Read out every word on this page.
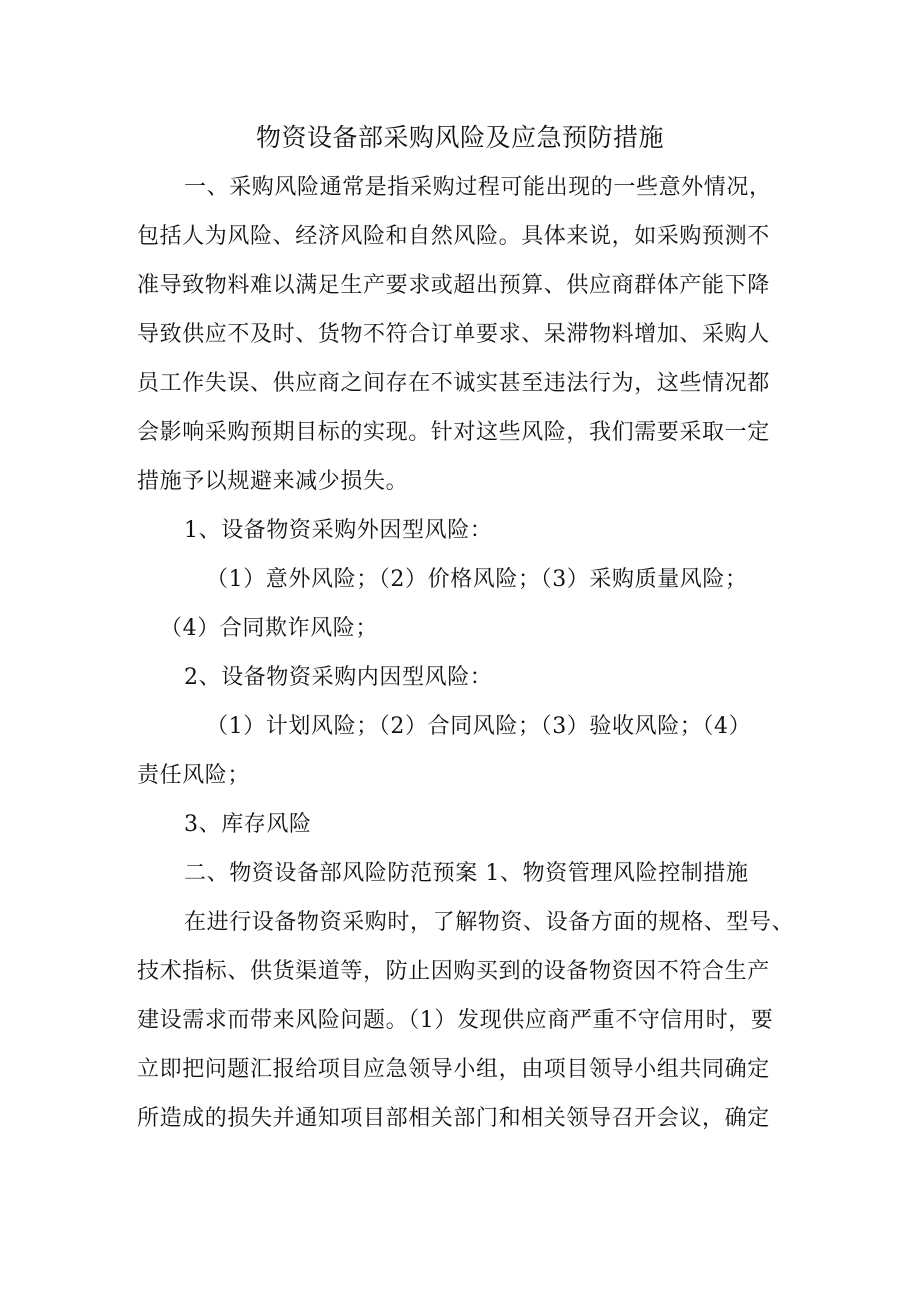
物资设备部采购风险及应急预防措施
一、采购风险通常是指采购过程可能出现的一些意外情况，
包括人为风险、经济风险和自然风险。具体来说，如采购预测不
准导致物料难以满足生产要求或超出预算、供应商群体产能下降
导致供应不及时、货物不符合订单要求、呆滞物料增加、采购人
员工作失误、供应商之间存在不诚实甚至违法行为，这些情况都
会影响采购预期目标的实现。针对这些风险，我们需要采取一定
措施予以规避来减少损失。
1、设备物资采购外因型风险：
（1）意外风险；（2）价格风险；（3）采购质量风险；
（4）合同欺诈风险；
2、设备物资采购内因型风险：
（1）计划风险；（2）合同风险；（3）验收风险；（4）
责任风险；
3、库存风险
二、物资设备部风险防范预案 1、物资管理风险控制措施
在进行设备物资采购时，了解物资、设备方面的规格、型号、
技术指标、供货渠道等，防止因购买到的设备物资因不符合生产
建设需求而带来风险问题。（1）发现供应商严重不守信用时，要
立即把问题汇报给项目应急领导小组，由项目领导小组共同确定
所造成的损失并通知项目部相关部门和相关领导召开会议，确定
